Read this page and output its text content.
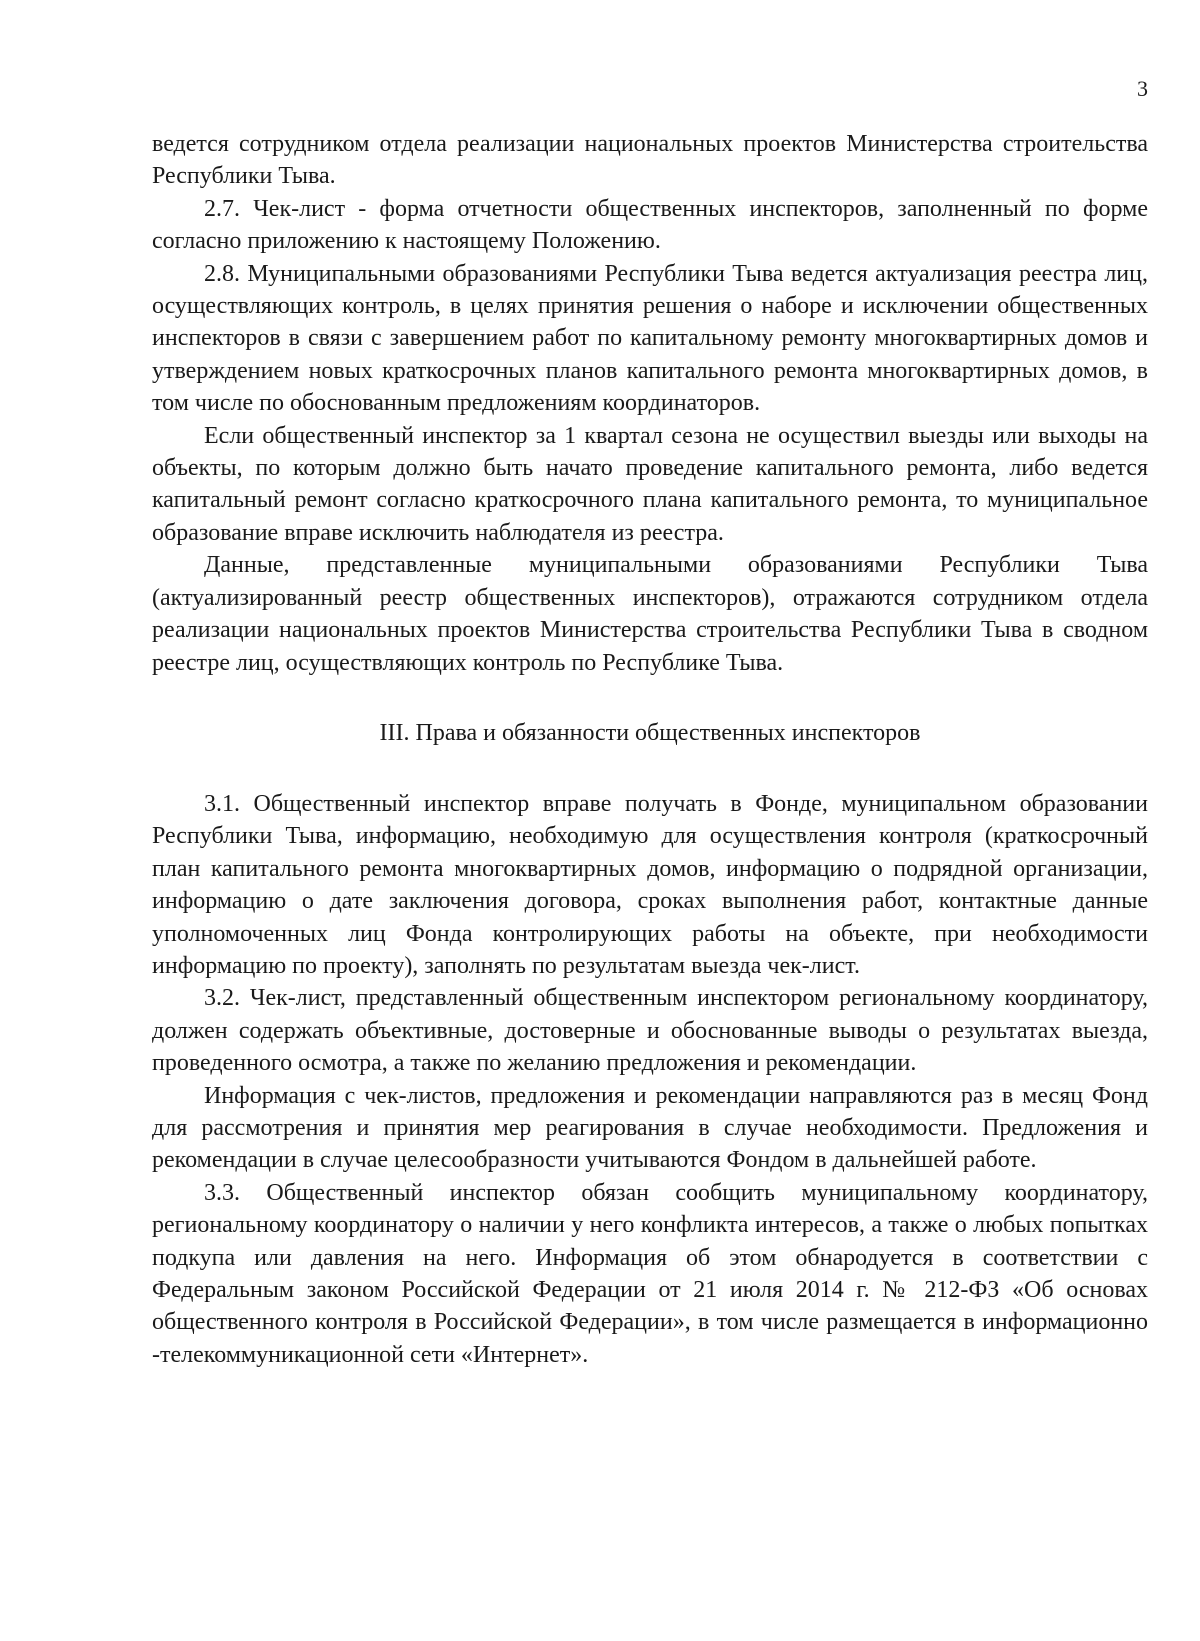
3

ведется сотрудником отдела реализации национальных проектов Министерства строительства Республики Тыва.

2.7. Чек-лист - форма отчетности общественных инспекторов, заполненный по форме согласно приложению к настоящему Положению.

2.8. Муниципальными образованиями Республики Тыва ведется актуализация реестра лиц, осуществляющих контроль, в целях принятия решения о наборе и исключении общественных инспекторов в связи с завершением работ по капитальному ремонту многоквартирных домов и утверждением новых краткосрочных планов капитального ремонта многоквартирных домов, в том числе по обоснованным предложениям координаторов.

Если общественный инспектор за 1 квартал сезона не осуществил выезды или выходы на объекты, по которым должно быть начато проведение капитального ремонта, либо ведется капитальный ремонт согласно краткосрочного плана капитального ремонта, то муниципальное образование вправе исключить наблюдателя из реестра.

Данные, представленные муниципальными образованиями Республики Тыва (актуализированный реестр общественных инспекторов), отражаются сотрудником отдела реализации национальных проектов Министерства строительства Республики Тыва в сводном реестре лиц, осуществляющих контроль по Республике Тыва.

III. Права и обязанности общественных инспекторов

3.1. Общественный инспектор вправе получать в Фонде, муниципальном образовании Республики Тыва, информацию, необходимую для осуществления контроля (краткосрочный план капитального ремонта многоквартирных домов, информацию о подрядной организации, информацию о дате заключения договора, сроках выполнения работ, контактные данные уполномоченных лиц Фонда контролирующих работы на объекте, при необходимости информацию по проекту), заполнять по результатам выезда чек-лист.

3.2. Чек-лист, представленный общественным инспектором региональному координатору, должен содержать объективные, достоверные и обоснованные выводы о результатах выезда, проведенного осмотра, а также по желанию предложения и рекомендации.

Информация с чек-листов, предложения и рекомендации направляются раз в месяц Фонд для рассмотрения и принятия мер реагирования в случае необходимости. Предложения и рекомендации в случае целесообразности учитываются Фондом в дальнейшей работе.

3.3. Общественный инспектор обязан сообщить муниципальному координатору, региональному координатору о наличии у него конфликта интересов, а также о любых попытках подкупа или давления на него. Информация об этом обнародуется в соответствии с Федеральным законом Российской Федерации от 21 июля 2014 г. № 212-ФЗ «Об основах общественного контроля в Российской Федерации», в том числе размещается в информационно -телекоммуникационной сети «Интернет».
